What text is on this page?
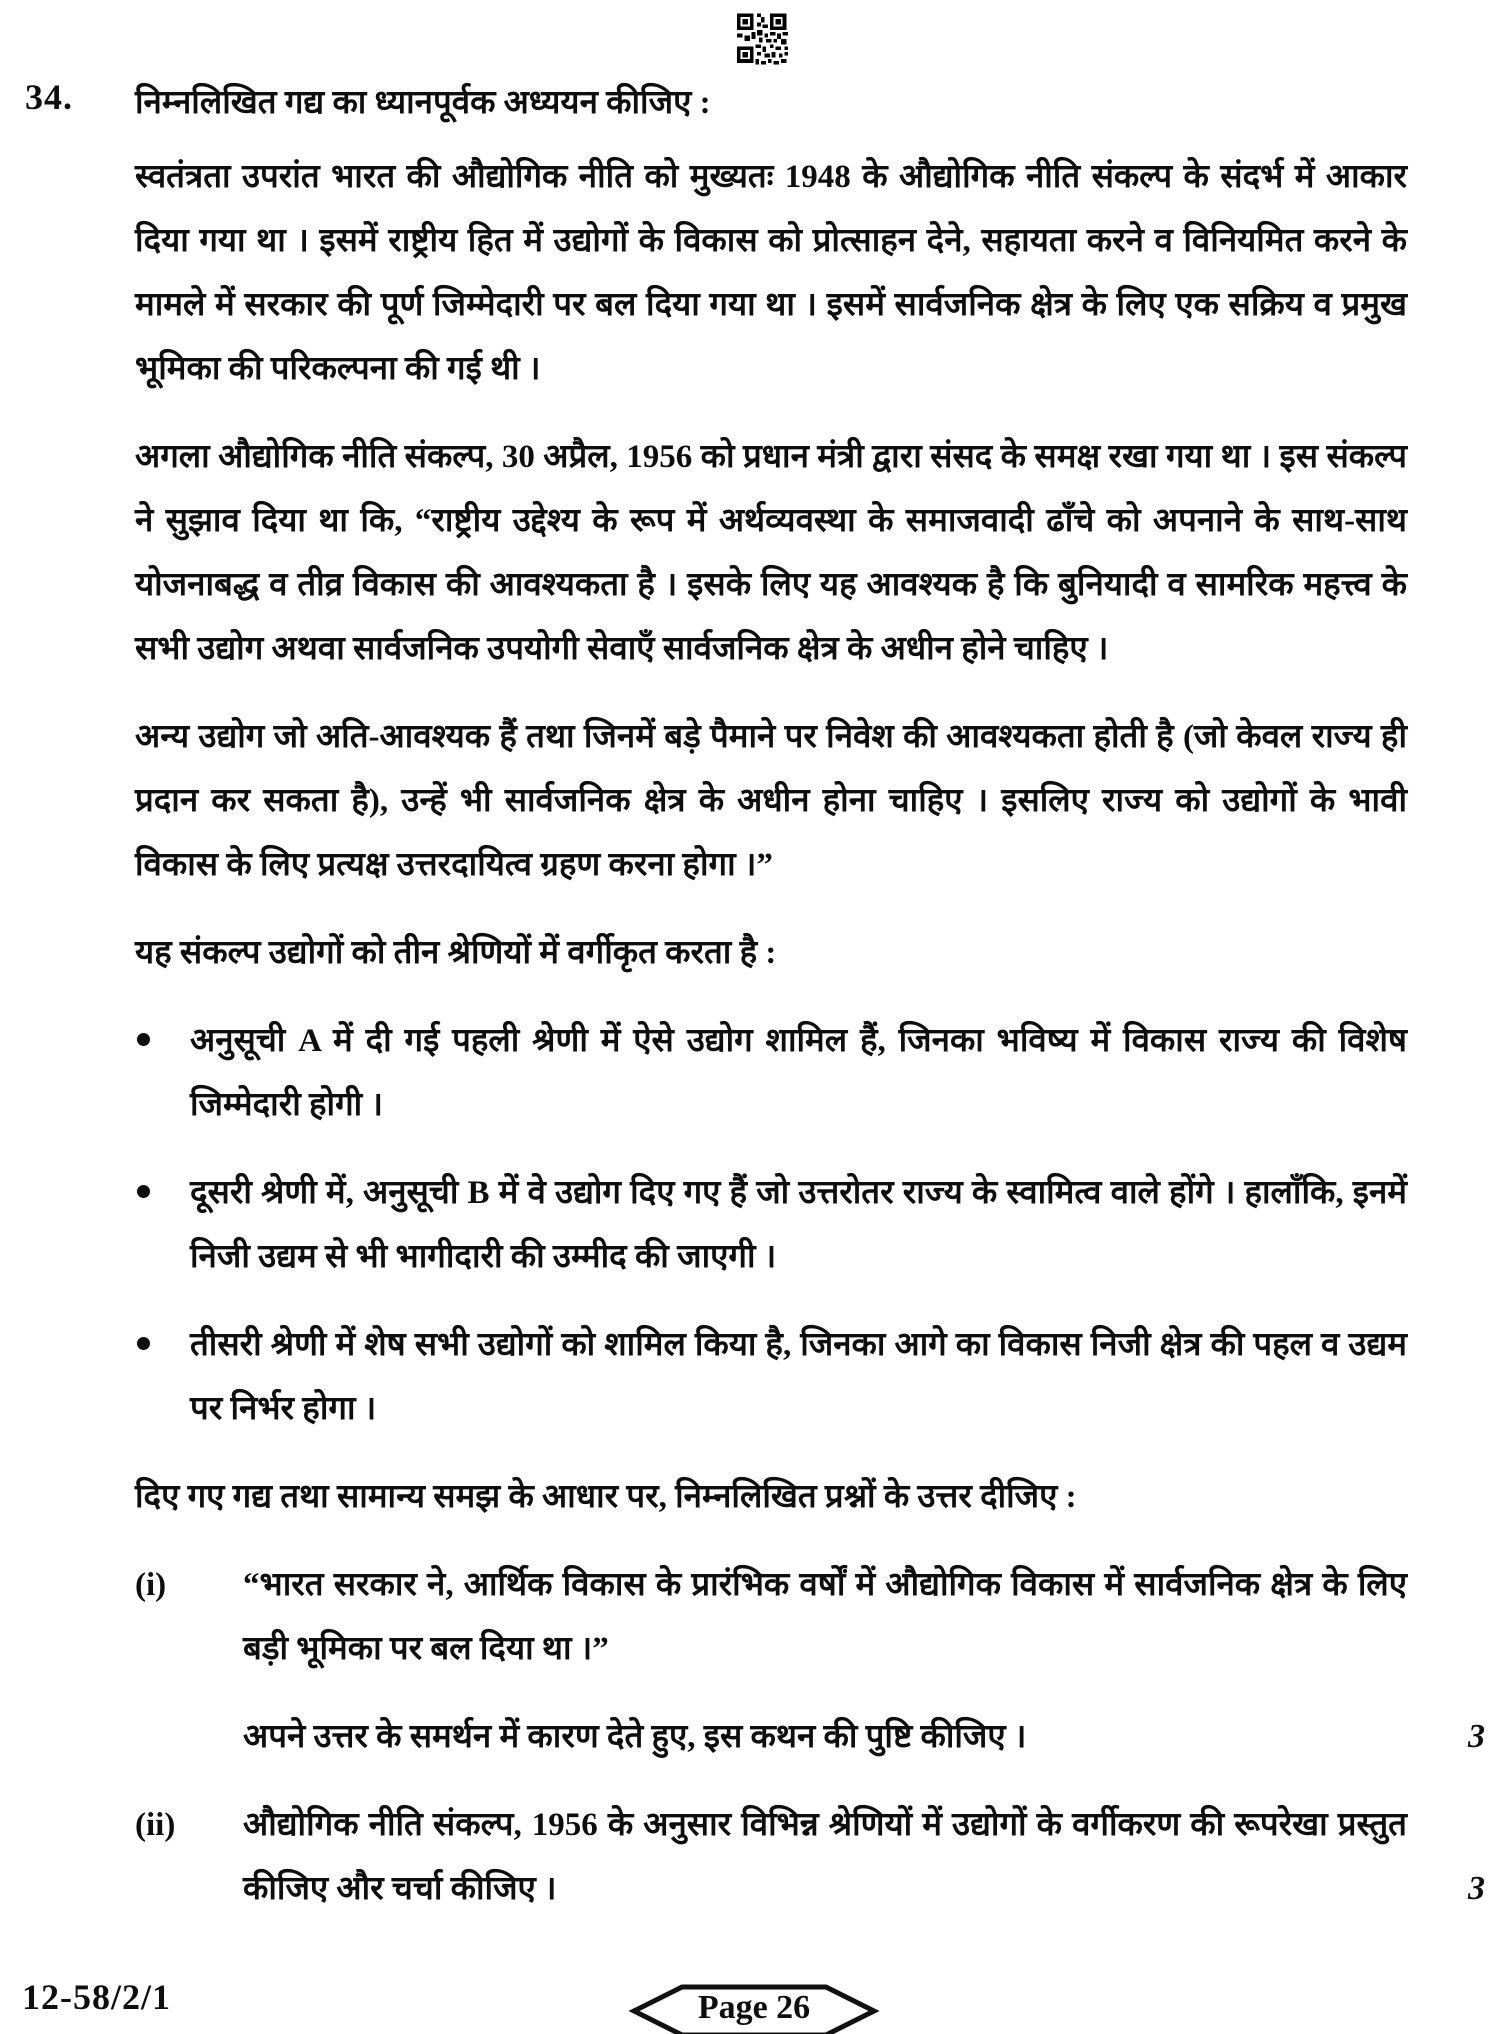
34. निम्नलिखित गद्य का ध्यानपूर्वक अध्ययन कीजिए :

स्वतंत्रता उपरांत भारत की औद्योगिक नीति को मुख्यतः 1948 के औद्योगिक नीति संकल्प के संदर्भ में आकार दिया गया था । इसमें राष्ट्रीय हित में उद्योगों के विकास को प्रोत्साहन देने, सहायता करने व विनियमित करने के मामले में सरकार की पूर्ण जिम्मेदारी पर बल दिया गया था । इसमें सार्वजनिक क्षेत्र के लिए एक सक्रिय व प्रमुख भूमिका की परिकल्पना की गई थी ।

अगला औद्योगिक नीति संकल्प, 30 अप्रैल, 1956 को प्रधान मंत्री द्वारा संसद के समक्ष रखा गया था । इस संकल्प ने सुझाव दिया था कि, “राष्ट्रीय उद्देश्य के रूप में अर्थव्यवस्था के समाजवादी ढाँचे को अपनाने के साथ-साथ योजनाबद्ध व तीव्र विकास की आवश्यकता है । इसके लिए यह आवश्यक है कि बुनियादी व सामरिक महत्त्व के सभी उद्योग अथवा सार्वजनिक उपयोगी सेवाएँ सार्वजनिक क्षेत्र के अधीन होने चाहिए ।

अन्य उद्योग जो अति-आवश्यक हैं तथा जिनमें बड़े पैमाने पर निवेश की आवश्यकता होती है (जो केवल राज्य ही प्रदान कर सकता है), उन्हें भी सार्वजनिक क्षेत्र के अधीन होना चाहिए । इसलिए राज्य को उद्योगों के भावी विकास के लिए प्रत्यक्ष उत्तरदायित्व ग्रहण करना होगा ।”

यह संकल्प उद्योगों को तीन श्रेणियों में वर्गीकृत करता है :

अनुसूची A में दी गई पहली श्रेणी में ऐसे उद्योग शामिल हैं, जिनका भविष्य में विकास राज्य की विशेष जिम्मेदारी होगी ।
दूसरी श्रेणी में, अनुसूची B में वे उद्योग दिए गए हैं जो उत्तरोतर राज्य के स्वामित्व वाले होंगे । हालाँकि, इनमें निजी उद्यम से भी भागीदारी की उम्मीद की जाएगी ।
तीसरी श्रेणी में शेष सभी उद्योगों को शामिल किया है, जिनका आगे का विकास निजी क्षेत्र की पहल व उद्यम पर निर्भर होगा ।

दिए गए गद्य तथा सामान्य समझ के आधार पर, निम्नलिखित प्रश्नों के उत्तर दीजिए :

(i)	“भारत सरकार ने, आर्थिक विकास के प्रारंभिक वर्षों में औद्योगिक विकास में सार्वजनिक क्षेत्र के लिए बड़ी भूमिका पर बल दिया था ।”

अपने उत्तर के समर्थन में कारण देते हुए, इस कथन की पुष्टि कीजिए ।	3
(ii)	औद्योगिक नीति संकल्प, 1956 के अनुसार विभिन्न श्रेणियों में उद्योगों के वर्गीकरण की रूपरेखा प्रस्तुत कीजिए और चर्चा कीजिए ।	3
12-58/2/1	Page 26
